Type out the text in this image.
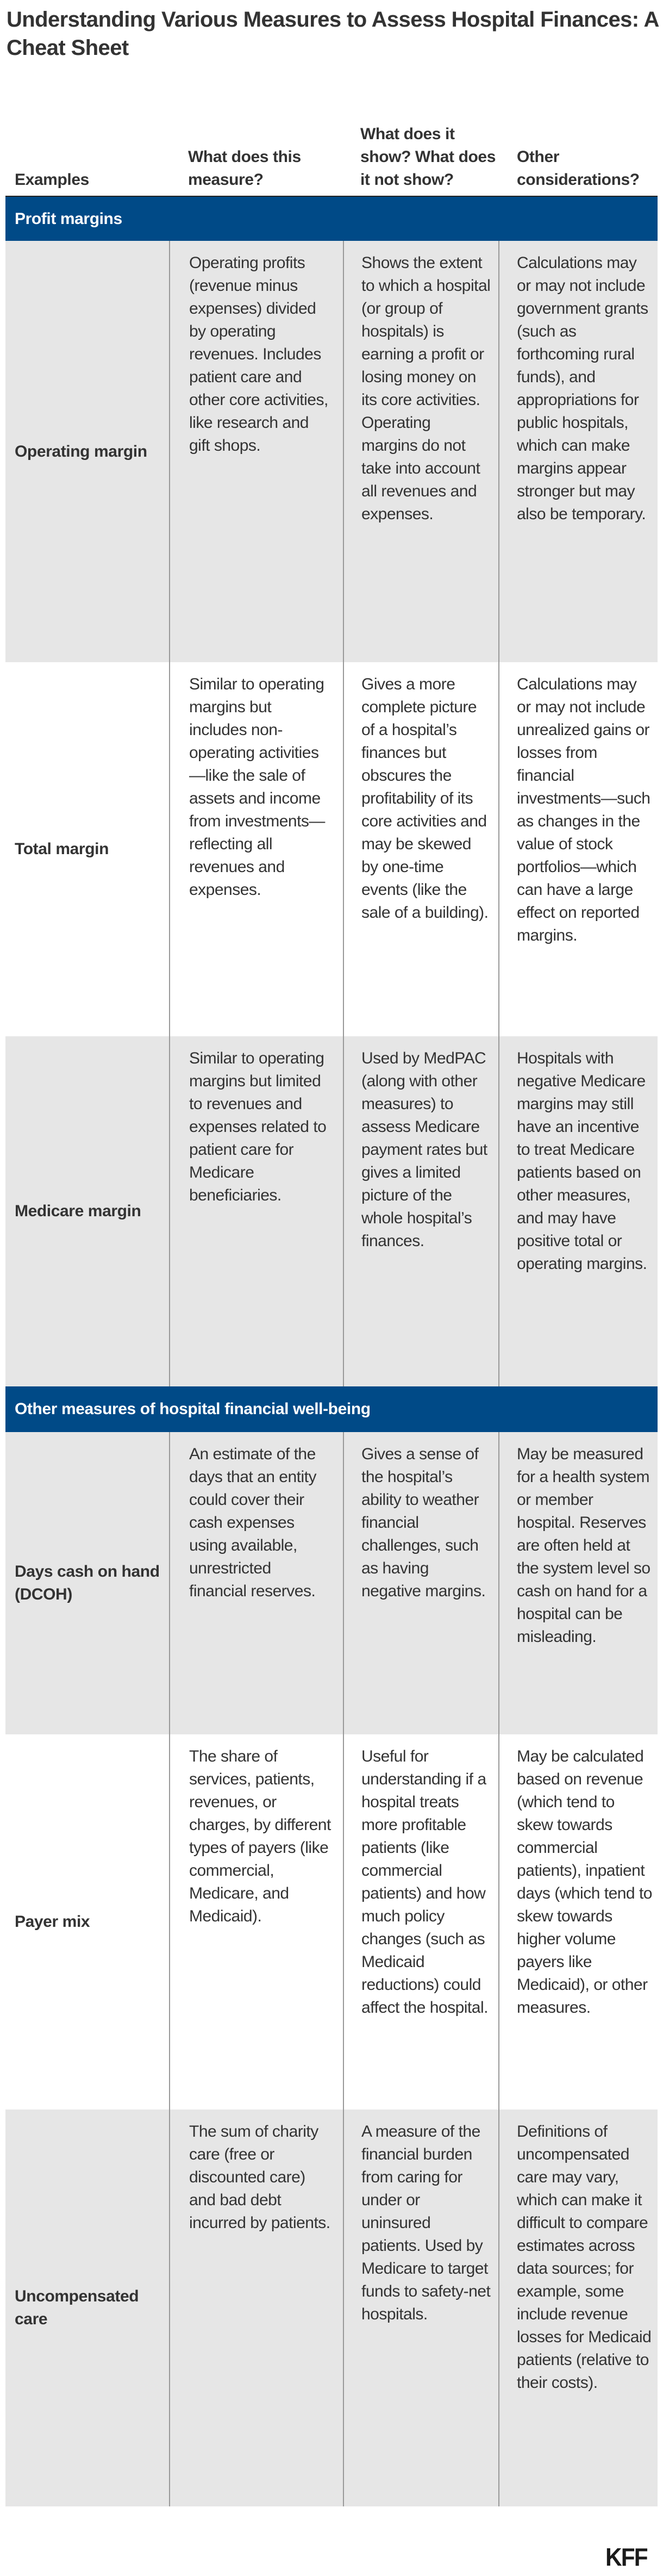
Understanding Various Measures to Assess Hospital Finances: A Cheat Sheet
Examples
What does this measure?
What does it show? What does it not show?
Other considerations?
Profit margins
Operating margin
Operating profits (revenue minus expenses) divided by operating revenues. Includes patient care and other core activities, like research and gift shops.
Shows the extent to which a hospital (or group of hospitals) is earning a profit or losing money on its core activities. Operating margins do not take into account all revenues and expenses.
Calculations may or may not include government grants (such as forthcoming rural funds), and appropriations for public hospitals, which can make margins appear stronger but may also be temporary.
Total margin
Similar to operating margins but includes non-operating activities—like the sale of assets and income from investments—reflecting all revenues and expenses.
Gives a more complete picture of a hospital’s finances but obscures the profitability of its core activities and may be skewed by one-time events (like the sale of a building).
Calculations may or may not include unrealized gains or losses from financial investments—such as changes in the value of stock portfolios—which can have a large effect on reported margins.
Medicare margin
Similar to operating margins but limited to revenues and expenses related to patient care for Medicare beneficiaries.
Used by MedPAC (along with other measures) to assess Medicare payment rates but gives a limited picture of the whole hospital’s finances.
Hospitals with negative Medicare margins may still have an incentive to treat Medicare patients based on other measures, and may have positive total or operating margins.
Other measures of hospital financial well-being
Days cash on hand (DCOH)
An estimate of the days that an entity could cover their cash expenses using available, unrestricted financial reserves.
Gives a sense of the hospital’s ability to weather financial challenges, such as having negative margins.
May be measured for a health system or member hospital. Reserves are often held at the system level so cash on hand for a hospital can be misleading.
Payer mix
The share of services, patients, revenues, or charges, by different types of payers (like commercial, Medicare, and Medicaid).
Useful for understanding if a hospital treats more profitable patients (like commercial patients) and how much policy changes (such as Medicaid reductions) could affect the hospital.
May be calculated based on revenue (which tend to skew towards commercial patients), inpatient days (which tend to skew towards higher volume payers like Medicaid), or other measures.
Uncompensated care
The sum of charity care (free or discounted care) and bad debt incurred by patients.
A measure of the financial burden from caring for under or uninsured patients. Used by Medicare to target funds to safety-net hospitals.
Definitions of uncompensated care may vary, which can make it difficult to compare estimates across data sources; for example, some include revenue losses for Medicaid patients (relative to their costs).
KFF
